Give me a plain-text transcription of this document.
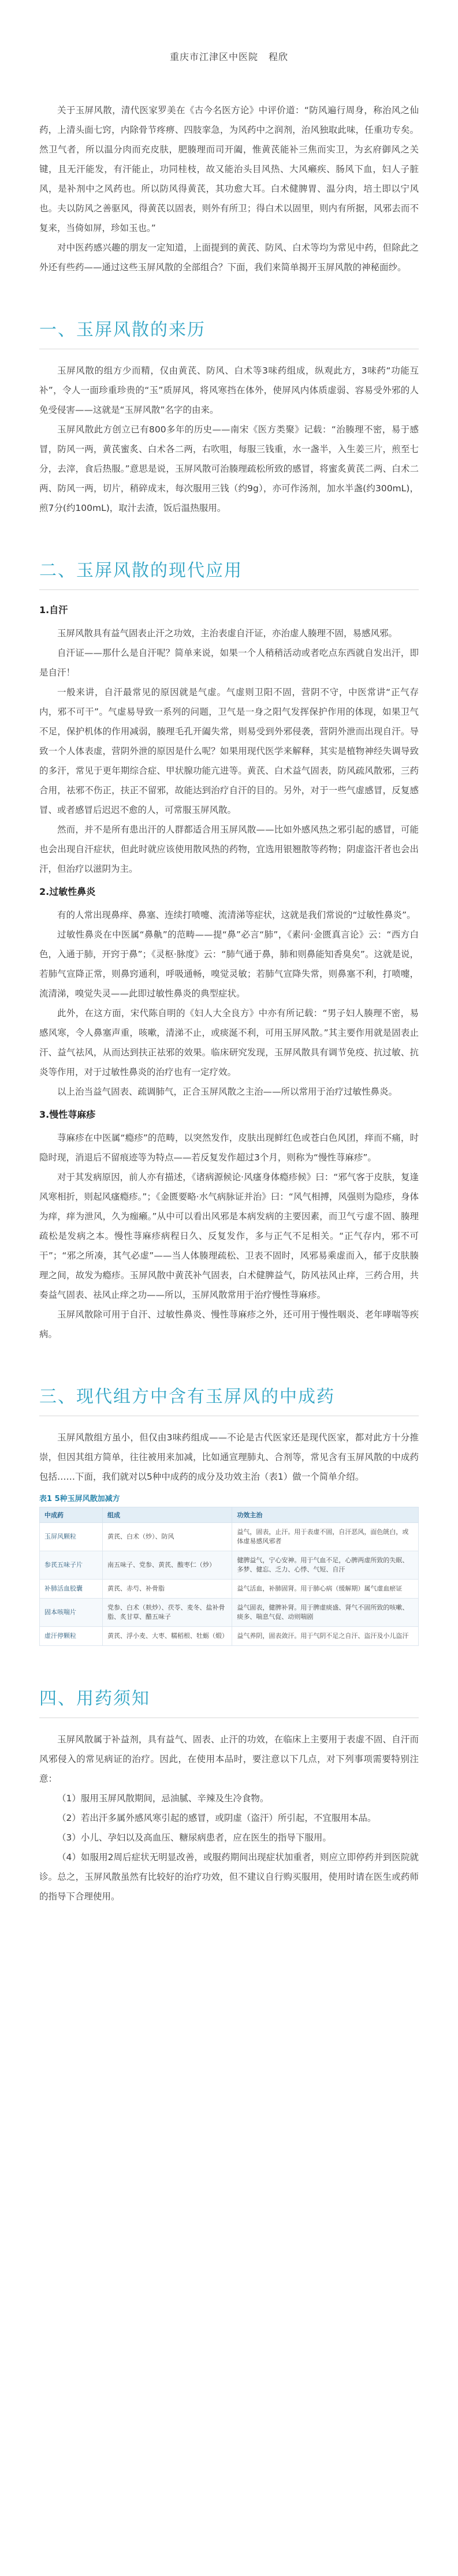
重庆市江津区中医院 程欣

关于玉屏风散，清代医家罗美在《古今名医方论》中评价道：“防风遍行周身，称治风之仙药，上清头面七窍，内除骨节疼痹、四肢挛急，为风药中之润剂，治风独取此味，任重功专矣。然卫气者，所以温分肉而充皮肤，肥腠理而司开阖，惟黄芪能补三焦而实卫，为玄府御风之关键，且无汗能发，有汗能止，功同桂枝，故又能治头目风热、大风癞疾、肠风下血，妇人子脏风，是补剂中之风药也。所以防风得黄芪，其功愈大耳。白术健脾胃、温分肉，培土即以宁风也。夫以防风之善驱风，得黄芪以固表，则外有所卫；得白术以固里，则内有所据，风邪去而不复来，当倚如屏，珍如玉也。”

对中医药感兴趣的朋友一定知道，上面提到的黄芪、防风、白术等均为常见中药，但除此之外还有些药——通过这些玉屏风散的全部组合？下面，我们来简单揭开玉屏风散的神秘面纱。

一、玉屏风散的来历

玉屏风散的组方少而精，仅由黄芪、防风、白术等3味药组成，纵观此方，3味药“功能互补”，令人一面珍重珍贵的“玉”质屏风，将风寒挡在体外，使屏风内体质虚弱、容易受外邪的人免受侵害——这就是“玉屏风散”名字的由来。

玉屏风散此方创立已有800多年的历史——南宋《医方类聚》记载：“治腠理不密，易于感冒，防风一两，黄芪蜜炙、白术各二两，右吹咀，每服三钱重，水一盏半，入生姜三片，煎至七分，去滓，食后热服。”意思是说，玉屏风散可治腠理疏松所致的感冒，将蜜炙黄芪二两、白术二两、防风一两，切片，稍碎成末，每次服用三钱（约9g），亦可作汤剂，加水半盏(约300mL)，煎7分(约100mL)，取汁去渣，饭后温热服用。

二、玉屏风散的现代应用
1.自汗

玉屏风散具有益气固表止汗之功效，主治表虚自汗证，亦治虚人腠理不固，易感风邪。

自汗证——那什么是自汗呢？简单来说，如果一个人稍稍活动或者吃点东西就自发出汗，即是自汗！

一般来讲，自汗最常见的原因就是气虚。气虚则卫阳不固，营阴不守，中医常讲“正气存内，邪不可干”。气虚易导致一系列的问题，卫气是一身之阳气发挥保护作用的体现，如果卫气不足，保护机体的作用减弱，腠理毛孔开阖失常，则易受到外邪侵袭，营阴外泄而出现自汗。导致一个人体表虚，营阴外泄的原因是什么呢？如果用现代医学来解释，其实是植物神经失调导致的多汗，常见于更年期综合症、甲状腺功能亢进等。黄芪、白术益气固表，防风疏风散邪，三药合用，祛邪不伤正，扶正不留邪，故能达到治疗自汗的目的。另外，对于一些气虚感冒，反复感冒、或者感冒后迟迟不愈的人，可常服玉屏风散。

然而，并不是所有患出汗的人群都适合用玉屏风散——比如外感风热之邪引起的感冒，可能也会出现自汗症状，但此时就应该使用散风热的药物，宜选用银翘散等药物；阴虚盗汗者也会出汗，但治疗以滋阴为主。

2.过敏性鼻炎

有的人常出现鼻痒、鼻塞、连续打喷嚏、流清涕等症状，这就是我们常说的“过敏性鼻炎”。

过敏性鼻炎在中医属“鼻鼽”的范畴——提“鼻”必言“肺”，《素问·金匮真言论》云：“西方白色，入通于肺，开窍于鼻”；《灵枢·脉度》云：“肺气通于鼻，肺和则鼻能知香臭矣”。这就是说，若肺气宣降正常，则鼻窍通利，呼吸通畅，嗅觉灵敏；若肺气宣降失常，则鼻塞不利，打喷嚏，流清涕，嗅觉失灵——此即过敏性鼻炎的典型症状。

此外，在这方面，宋代陈自明的《妇人大全良方》中亦有所记载：“男子妇人腠理不密，易感风寒，令人鼻塞声重，咳嗽，清涕不止，或痰涎不利，可用玉屏风散。”其主要作用就是固表止汗、益气祛风，从而达到扶正祛邪的效果。临床研究发现，玉屏风散具有调节免疫、抗过敏、抗炎等作用，对于过敏性鼻炎的治疗也有一定疗效。

以上治当益气固表、疏调肺气，正合玉屏风散之主治——所以常用于治疗过敏性鼻炎。

3.慢性荨麻疹

荨麻疹在中医属“瘾疹”的范畴，以突然发作，皮肤出现鲜红色或苍白色风团，痒而不痛，时隐时现，消退后不留痕迹等为特点——若反复发作超过3个月，则称为“慢性荨麻疹”。

对于其发病原因，前人亦有描述，《诸病源候论·风瘙身体瘾疹候》曰：“邪气客于皮肤，复逢风寒相折，则起风瘙瘾疹。”；《金匮要略·水气病脉证并治》曰：“风气相搏，风强则为隐疹，身体为痒，痒为泄风，久为痂癞。”从中可以看出风邪是本病发病的主要因素，而卫气亏虚不固、腠理疏松是发病之本。慢性荨麻疹病程日久、反复发作，多与正气不足相关。“正气存内，邪不可干”；“邪之所凑，其气必虚”——当人体腠理疏松、卫表不固时，风邪易乘虚而入，郁于皮肤腠理之间，故发为瘾疹。玉屏风散中黄芪补气固表，白术健脾益气，防风祛风止痒，三药合用，共奏益气固表、祛风止痒之功——所以，玉屏风散常用于治疗慢性荨麻疹。

玉屏风散除可用于自汗、过敏性鼻炎、慢性荨麻疹之外，还可用于慢性咽炎、老年哮喘等疾病。

三、现代组方中含有玉屏风的中成药

玉屏风散组方虽小，但仅由3味药组成——不论是古代医家还是现代医家，都对此方十分推崇，但因其组方简单，往往被用来加减，比如通宣理肺丸、合剂等，常见含有玉屏风散的中成药包括……下面，我们就对以5种中成药的成分及功效主治（表1）做一个简单介绍。

表1 5种玉屏风散加减方
中成药	组成	功效主治
玉屏风颗粒	黄芪、白术（炒）、防风	益气，固表，止汗。用于表虚不固，自汗恶风，面色㿠白，或体虚易感风邪者
参芪五味子片	南五味子、党参、黄芪、酸枣仁（炒）	健脾益气，宁心安神。用于气血不足，心脾两虚所致的失眠、多梦、健忘、乏力、心悸、气短、自汗
补肺活血胶囊	黄芪、赤芍、补骨脂	益气活血，补肺固肾。用于肺心病（缓解期）属气虚血瘀证
固本咳喘片	党参、白术（麸炒）、茯苓、麦冬、盐补骨脂、炙甘草、醋五味子	益气固表，健脾补肾。用于脾虚痰盛、肾气不固所致的咳嗽、痰多、喘息气促、动则喘剧
虚汗停颗粒	黄芪、浮小麦、大枣、糯稻根、牡蛎（煅）	益气养阴，固表敛汗。用于气阴不足之自汗、盗汗及小儿盗汗
四、用药须知

玉屏风散属于补益剂，具有益气、固表、止汗的功效，在临床上主要用于表虚不固、自汗而风邪侵入的常见病证的治疗。因此，在使用本品时，要注意以下几点，对下列事项需要特别注意：

（1）服用玉屏风散期间，忌油腻、辛辣及生冷食物。

（2）若出汗多属外感风寒引起的感冒，或阴虚（盗汗）所引起，不宜服用本品。

（3）小儿、孕妇以及高血压、糖尿病患者，应在医生的指导下服用。

（4）如服用2周后症状无明显改善，或服药期间出现症状加重者，则应立即停药并到医院就诊。总之，玉屏风散虽然有比较好的治疗功效，但不建议自行购买服用，使用时请在医生或药师的指导下合理使用。
